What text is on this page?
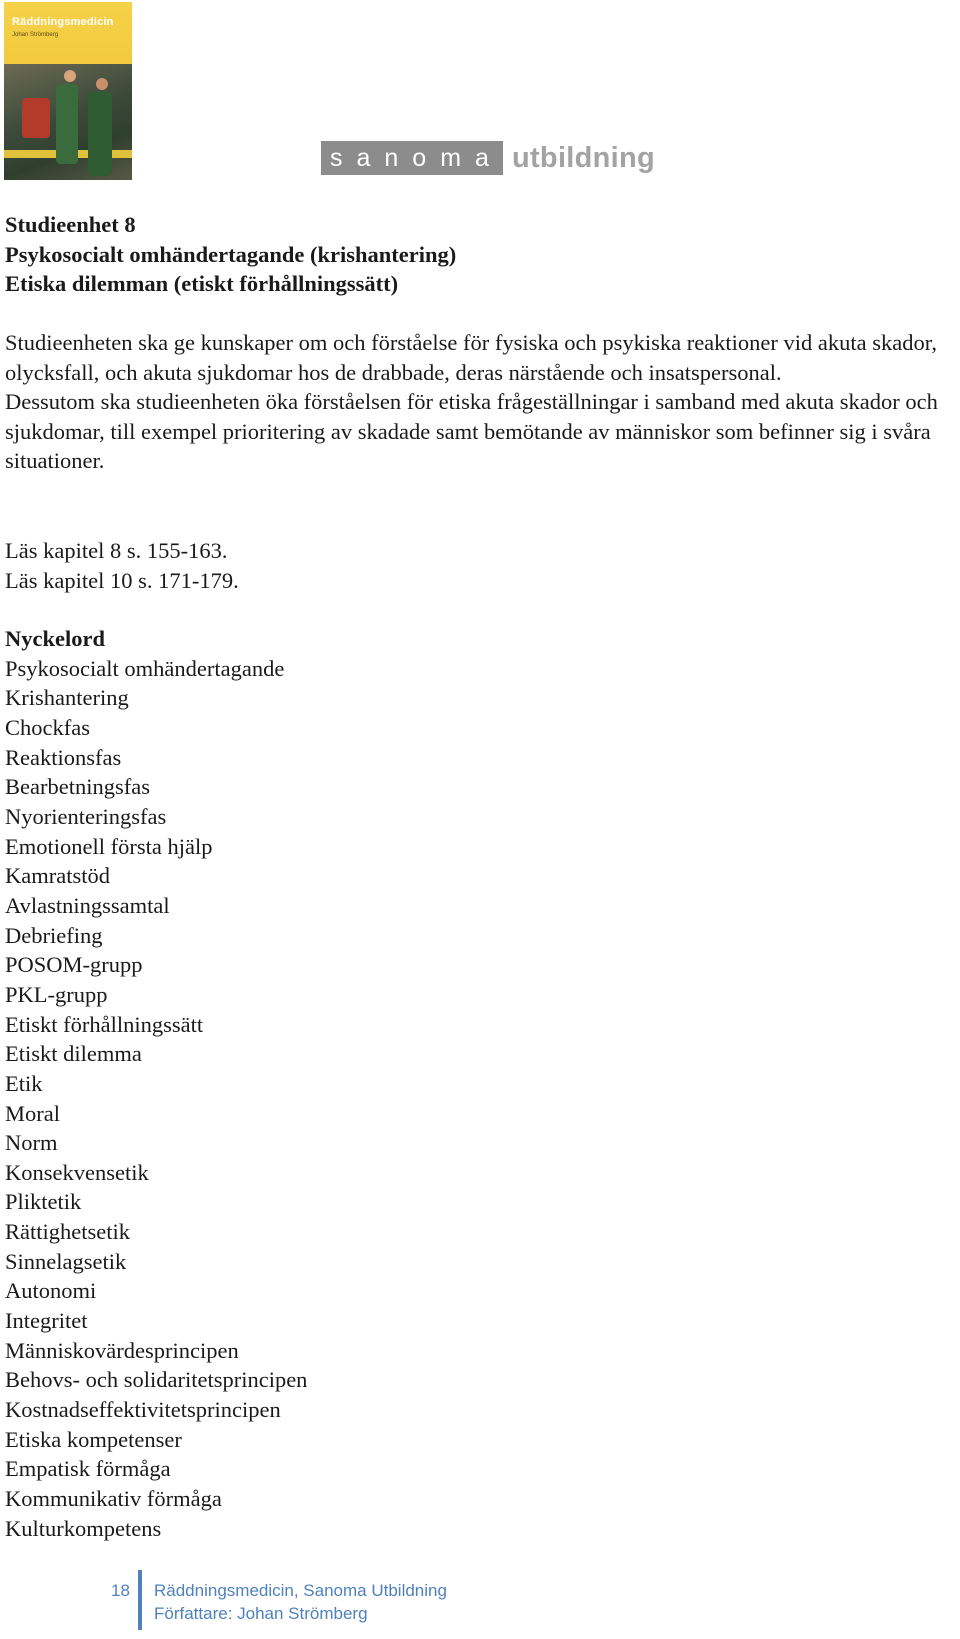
Räddningsmedicin
Johan Strömberg
sanoma utbildning
Studieenhet 8
Psykosocialt omhändertagande (krishantering)
Etiska dilemman (etiskt förhållningssätt)

Studieenheten ska ge kunskaper om och förståelse för fysiska och psykiska reaktioner vid akuta skador, olycksfall, och akuta sjukdomar hos de drabbade, deras närstående och insatspersonal.

Dessutom ska studieenheten öka förståelsen för etiska frågeställningar i samband med akuta skador och sjukdomar, till exempel prioritering av skadade samt bemötande av människor som befinner sig i svåra situationer.

Läs kapitel 8 s. 155-163.

Läs kapitel 10 s. 171-179.

Nyckelord
Psykosocialt omhändertagande
Krishantering
Chockfas
Reaktionsfas
Bearbetningsfas
Nyorienteringsfas
Emotionell första hjälp
Kamratstöd
Avlastningssamtal
Debriefing
POSOM-grupp
PKL-grupp
Etiskt förhållningssätt
Etiskt dilemma
Etik
Moral
Norm
Konsekvensetik
Pliktetik
Rättighetsetik
Sinnelagsetik
Autonomi
Integritet
Människovärdesprincipen
Behovs- och solidaritetsprincipen
Kostnadseffektivitetsprincipen
Etiska kompetenser
Empatisk förmåga
Kommunikativ förmåga
Kulturkompetens
18 Räddningsmedicin, Sanoma Utbildning
Författare: Johan Strömberg
